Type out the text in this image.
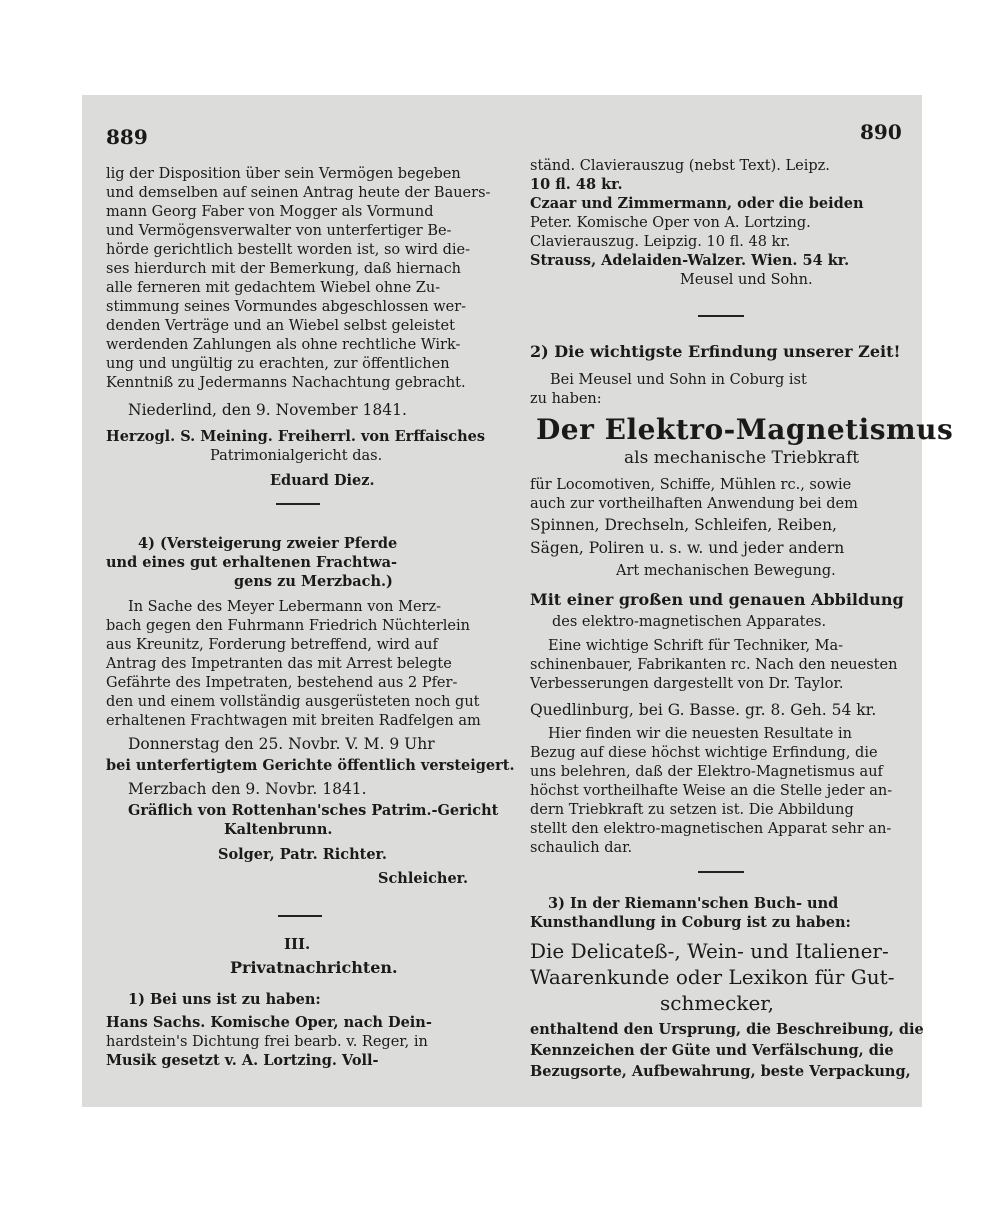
889	890
lig der Disposition über sein Vermögen begeben
und demselben auf seinen Antrag heute der Bauers-
mann Georg Faber von Mogger als Vormund
und Vermögensverwalter von unterfertiger Be-
hörde gerichtlich bestellt worden ist, so wird die-
ses hierdurch mit der Bemerkung, daß hiernach
alle ferneren mit gedachtem Wiebel ohne Zu-
stimmung seines Vormundes abgeschlossen wer-
denden Verträge und an Wiebel selbst geleistet
werdenden Zahlungen als ohne rechtliche Wirk-
ung und ungültig zu erachten, zur öffentlichen
Kenntniß zu Jedermanns Nachachtung gebracht.
Niederlind, den 9. November 1841.
Herzogl. S. Meining. Freiherrl. von Erffaisches
Patrimonialgericht das.
Eduard Diez.
4) (Versteigerung zweier Pferde
und eines gut erhaltenen Frachtwa-
gens zu Merzbach.)
In Sache des Meyer Lebermann von Merz-
bach gegen den Fuhrmann Friedrich Nüchterlein
aus Kreunitz, Forderung betreffend, wird auf
Antrag des Impetranten das mit Arrest belegte
Gefährte des Impetraten, bestehend aus 2 Pfer-
den und einem vollständig ausgerüsteten noch gut
erhaltenen Frachtwagen mit breiten Radfelgen am
Donnerstag den 25. Novbr. V. M. 9 Uhr
bei unterfertigtem Gerichte öffentlich versteigert.
Merzbach den 9. Novbr. 1841.
Gräflich von Rottenhan'sches Patrim.-Gericht
Kaltenbrunn.
Solger, Patr. Richter.
Schleicher.
III.
Privatnachrichten.
1) Bei uns ist zu haben:
Hans Sachs. Komische Oper, nach Dein-
hardstein's Dichtung frei bearb. v. Reger, in
Musik gesetzt v. A. Lortzing. Voll-
ständ. Clavierauszug (nebst Text). Leipz.
10 fl. 48 kr.
Czaar und Zimmermann, oder die beiden
Peter. Komische Oper von A. Lortzing.
Clavierauszug. Leipzig. 10 fl. 48 kr.
Strauss, Adelaiden-Walzer. Wien. 54 kr.
Meusel und Sohn.
2) Die wichtigste Erfindung unserer Zeit!
Bei Meusel und Sohn in Coburg ist
zu haben:
Der Elektro-Magnetismus
als mechanische Triebkraft
für Locomotiven, Schiffe, Mühlen rc., sowie
auch zur vortheilhaften Anwendung bei dem
Spinnen, Drechseln, Schleifen, Reiben,
Sägen, Poliren u. s. w. und jeder andern
Art mechanischen Bewegung.
Mit einer großen und genauen Abbildung
des elektro-magnetischen Apparates.
Eine wichtige Schrift für Techniker, Ma-
schinenbauer, Fabrikanten rc. Nach den neuesten
Verbesserungen dargestellt von Dr. Taylor.
Quedlinburg, bei G. Basse. gr. 8. Geh. 54 kr.
Hier finden wir die neuesten Resultate in
Bezug auf diese höchst wichtige Erfindung, die
uns belehren, daß der Elektro-Magnetismus auf
höchst vortheilhafte Weise an die Stelle jeder an-
dern Triebkraft zu setzen ist. Die Abbildung
stellt den elektro-magnetischen Apparat sehr an-
schaulich dar.
3) In der Riemann'schen Buch- und
Kunsthandlung in Coburg ist zu haben:
Die Delicateß-, Wein- und Italiener-
Waarenkunde oder Lexikon für Gut-
schmecker,
enthaltend den Ursprung, die Beschreibung, die
Kennzeichen der Güte und Verfälschung, die
Bezugsorte, Aufbewahrung, beste Verpackung,
